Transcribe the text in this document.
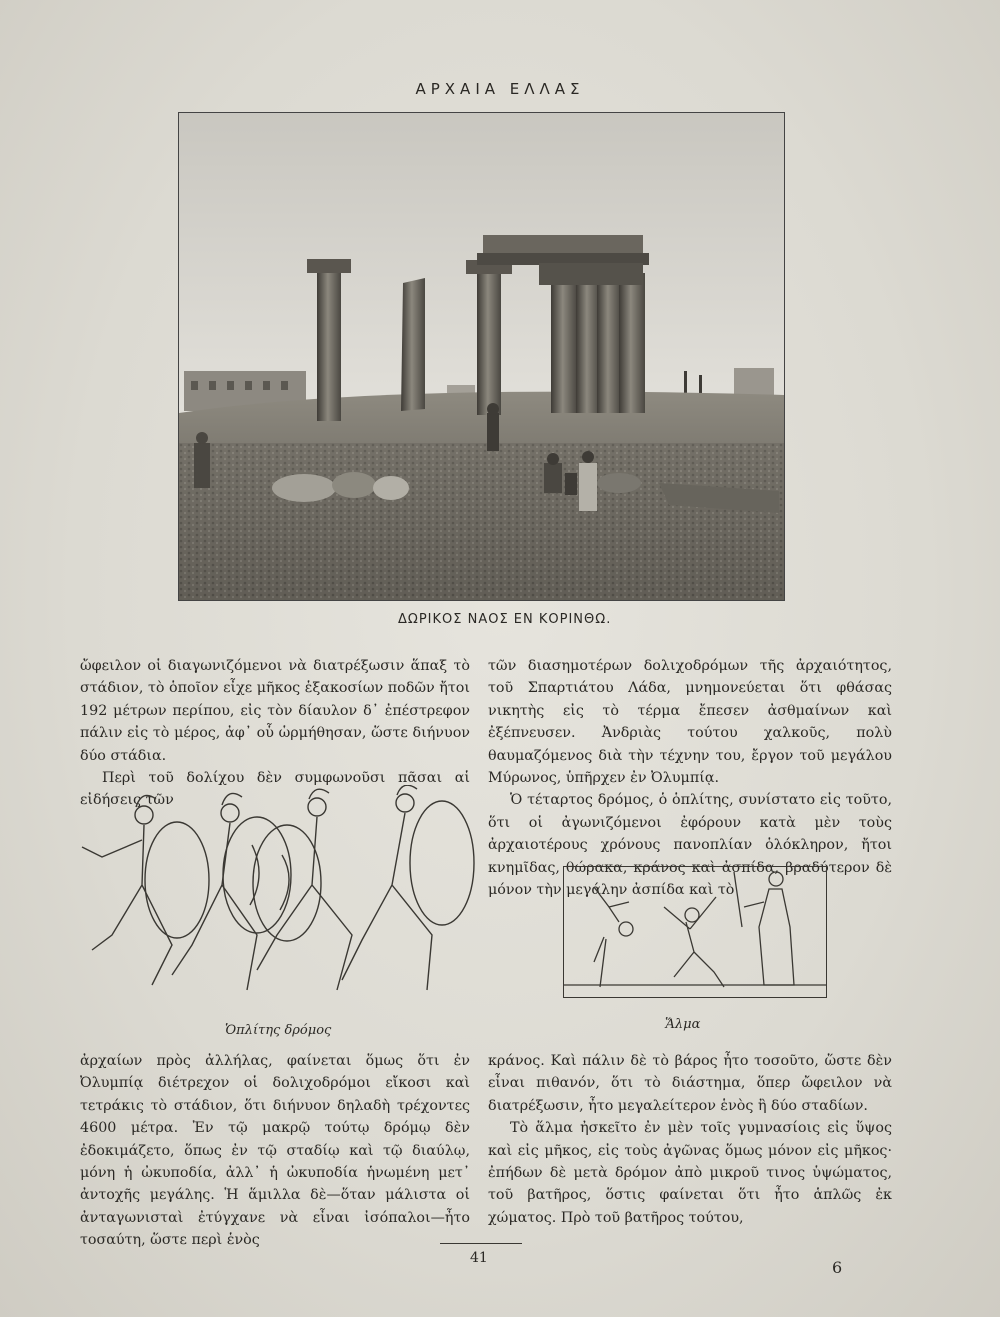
ΑΡΧΑΙΑ ΕΛΛΑΣ
ΔΩΡΙΚΟΣ ΝΑΟΣ ΕΝ ΚΟΡΙΝΘΩ.

ὤφειλον οἱ διαγωνιζόμενοι νὰ διατρέξωσιν ἅπαξ τὸ στάδιον, τὸ ὁποῖον εἶχε μῆκος ἑξακοσίων ποδῶν ἤτοι 192 μέτρων περίπου, εἰς τὸν δίαυλον δ᾽ ἐπέστρεφον πάλιν εἰς τὸ μέρος, ἀφ᾽ οὗ ὡρμήθησαν, ὥστε διήνυον δύο στάδια.

Περὶ τοῦ δολίχου δὲν συμφωνοῦσι πᾶσαι αἱ εἰδήσεις τῶν

τῶν διασημοτέρων δολιχοδρόμων τῆς ἀρχαιότητος, τοῦ Σπαρτιάτου Λάδα, μνημονεύεται ὅτι φθάσας νικητὴς εἰς τὸ τέρμα ἔπεσεν ἀσθμαίνων καὶ ἐξέπνευσεν. Ἀνδριὰς τούτου χαλκοῦς, πολὺ θαυμαζόμενος διὰ τὴν τέχνην του, ἔργον τοῦ μεγάλου Μύρωνος, ὑπῆρχεν ἐν Ὀλυμπίᾳ.

Ὁ τέταρτος δρόμος, ὁ ὁπλίτης, συνίστατο εἰς τοῦτο, ὅτι οἱ ἀγωνιζόμενοι ἐφόρουν κατὰ μὲν τοὺς ἀρχαιοτέρους χρόνους πανοπλίαν ὁλόκληρον, ἤτοι κνημῖδας, θώρακα, κράνος καὶ ἀσπίδα, βραδύτερον δὲ μόνον τὴν μεγάλην ἀσπίδα καὶ τὸ

Ὁπλίτης δρόμος	Ἅλμα

ἀρχαίων πρὸς ἀλλήλας, φαίνεται ὅμως ὅτι ἐν Ὀλυμπίᾳ διέτρεχον οἱ δολιχοδρόμοι εἴκοσι καὶ τετράκις τὸ στάδιον, ὅτι διήνυον δηλαδὴ τρέχοντες 4600 μέτρα. Ἐν τῷ μακρῷ τούτῳ δρόμῳ δὲν ἐδοκιμάζετο, ὅπως ἐν τῷ σταδίῳ καὶ τῷ διαύλῳ, μόνη ἡ ὠκυποδία, ἀλλ᾽ ἡ ὠκυποδία ἡνωμένη μετ᾽ ἀντοχῆς μεγάλης. Ἡ ἅμιλλα δὲ—ὅταν μάλιστα οἱ ἀνταγωνισταὶ ἐτύγχανε νὰ εἶναι ἰσόπαλοι—ἦτο τοσαύτη, ὥστε περὶ ἑνὸς

κράνος. Καὶ πάλιν δὲ τὸ βάρος ἦτο τοσοῦτο, ὥστε δὲν εἶναι πιθανόν, ὅτι τὸ διάστημα, ὅπερ ὤφειλον νὰ διατρέξωσιν, ἦτο μεγαλείτερον ἑνὸς ἢ δύο σταδίων.

Τὸ ἅλμα ἠσκεῖτο ἐν μὲν τοῖς γυμνασίοις εἰς ὕψος καὶ εἰς μῆκος, εἰς τοὺς ἀγῶνας ὅμως μόνον εἰς μῆκος· ἐπήδων δὲ μετὰ δρόμον ἀπὸ μικροῦ τινος ὑψώματος, τοῦ βατῆρος, ὅστις φαίνεται ὅτι ἦτο ἁπλῶς ἐκ χώματος. Πρὸ τοῦ βατῆρος τούτου,

41	6
